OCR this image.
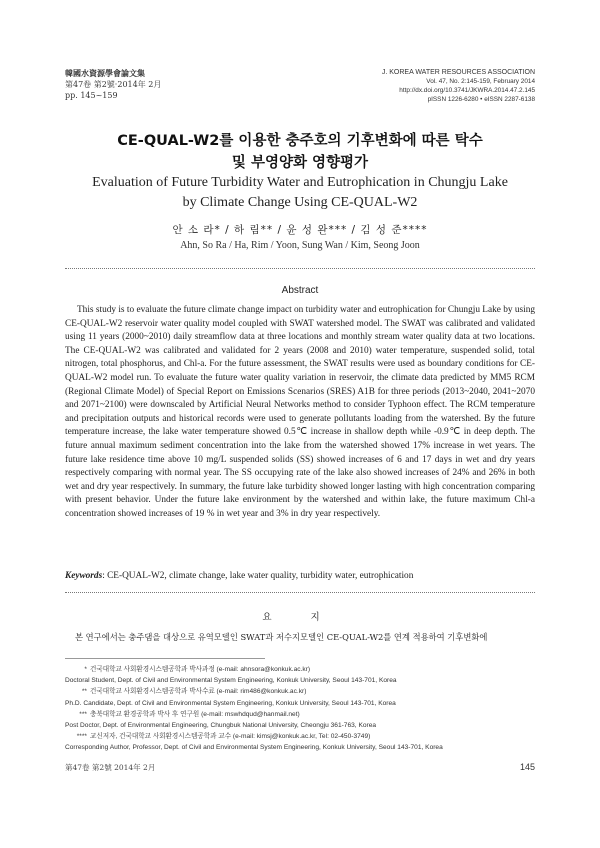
韓國水資源學會論文集
第47卷 第2號·2014年 2月
pp. 145~159
J. KOREA WATER RESOURCES ASSOCIATION
Vol. 47, No. 2:145-159, February 2014
http://dx.doi.org/10.3741/JKWRA.2014.47.2.145
pISSN 1226-6280 • eISSN 2287-6138
CE-QUAL-W2를 이용한 충주호의 기후변화에 따른 탁수
및 부영양화 영향평가
Evaluation of Future Turbidity Water and Eutrophication in Chungju Lake
by Climate Change Using CE-QUAL-W2
안 소 라* / 하 림** / 윤 성 완*** / 김 성 준****
Ahn, So Ra / Ha, Rim / Yoon, Sung Wan / Kim, Seong Joon
Abstract

This study is to evaluate the future climate change impact on turbidity water and eutrophication for Chungju Lake by using CE-QUAL-W2 reservoir water quality model coupled with SWAT watershed model. The SWAT was calibrated and validated using 11 years (2000~2010) daily streamflow data at three locations and monthly stream water quality data at two locations. The CE-QUAL-W2 was calibrated and validated for 2 years (2008 and 2010) water temperature, suspended solid, total nitrogen, total phosphorus, and Chl-a. For the future assessment, the SWAT results were used as boundary conditions for CE-QUAL-W2 model run. To evaluate the future water quality variation in reservoir, the climate data predicted by MM5 RCM (Regional Climate Model) of Special Report on Emissions Scenarios (SRES) A1B for three periods (2013~2040, 2041~2070 and 2071~2100) were downscaled by Artificial Neural Networks method to consider Typhoon effect. The RCM temperature and precipitation outputs and historical records were used to generate pollutants loading from the watershed. By the future temperature increase, the lake water temperature showed 0.5℃ increase in shallow depth while -0.9℃ in deep depth. The future annual maximum sediment concentration into the lake from the watershed showed 17% increase in wet years. The future lake residence time above 10 mg/L suspended solids (SS) showed increases of 6 and 17 days in wet and dry years respectively comparing with normal year. The SS occupying rate of the lake also showed increases of 24% and 26% in both wet and dry year respectively. In summary, the future lake turbidity showed longer lasting with high concentration comparing with present behavior. Under the future lake environment by the watershed and within lake, the future maximum Chl-a concentration showed increases of 19 % in wet year and 3% in dry year respectively.

Keywords: CE-QUAL-W2, climate change, lake water quality, turbidity water, eutrophication
요 지
본 연구에서는 충주댐을 대상으로 유역모델인 SWAT과 저수지모델인 CE-QUAL-W2를 연계 적용하여 기후변화에
* 건국대학교 사회환경시스템공학과 박사과정 (e-mail: ahnsora@konkuk.ac.kr)
Doctoral Student, Dept. of Civil and Environmental System Engineering, Konkuk University, Seoul 143-701, Korea
** 건국대학교 사회환경시스템공학과 박사수료 (e-mail: rim486@konkuk.ac.kr)
Ph.D. Candidate, Dept. of Civil and Environmental System Engineering, Konkuk University, Seoul 143-701, Korea
*** 충북대학교 환경공학과 박사 후 연구원 (e-mail: mswhdqud@hanmail.net)
Post Doctor, Dept. of Environmental Engineering, Chungbuk National University, Cheongju 361-763, Korea
**** 교신저자, 건국대학교 사회환경시스템공학과 교수 (e-mail: kimsj@konkuk.ac.kr, Tel: 02-450-3749)
Corresponding Author, Professor, Dept. of Civil and Environmental System Engineering, Konkuk University, Seoul 143-701, Korea
第47卷 第2號 2014年 2月	145
